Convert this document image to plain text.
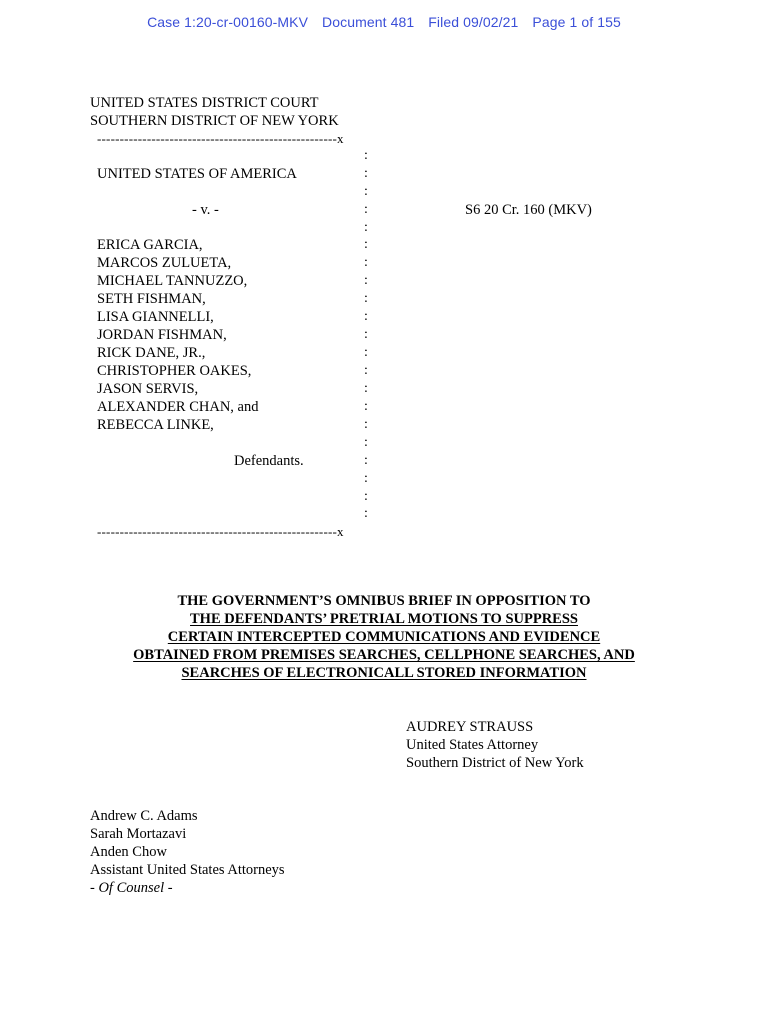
Case 1:20-cr-00160-MKV Document 481 Filed 09/02/21 Page 1 of 155
UNITED STATES DISTRICT COURT
SOUTHERN DISTRICT OF NEW YORK
-----------------------------------------------------x
:
:
:
:
:
:
:
:
:
:
:
:
:
:
:
:
:
:
:
:
:
UNITED STATES OF AMERICA
- v. -	S6 20 Cr. 160 (MKV)
ERICA GARCIA,
MARCOS ZULUETA,
MICHAEL TANNUZZO,
SETH FISHMAN,
LISA GIANNELLI,
JORDAN FISHMAN,
RICK DANE, JR.,
CHRISTOPHER OAKES,
JASON SERVIS,
ALEXANDER CHAN, and
REBECCA LINKE,
Defendants.
-----------------------------------------------------x
THE GOVERNMENT’S OMNIBUS BRIEF IN OPPOSITION TO
THE DEFENDANTS’ PRETRIAL MOTIONS TO SUPPRESS
CERTAIN INTERCEPTED COMMUNICATIONS AND EVIDENCE
OBTAINED FROM PREMISES SEARCHES, CELLPHONE SEARCHES, AND
SEARCHES OF ELECTRONICALL STORED INFORMATION
AUDREY STRAUSS
United States Attorney
Southern District of New York
Andrew C. Adams
Sarah Mortazavi
Anden Chow
Assistant United States Attorneys
- Of Counsel -
